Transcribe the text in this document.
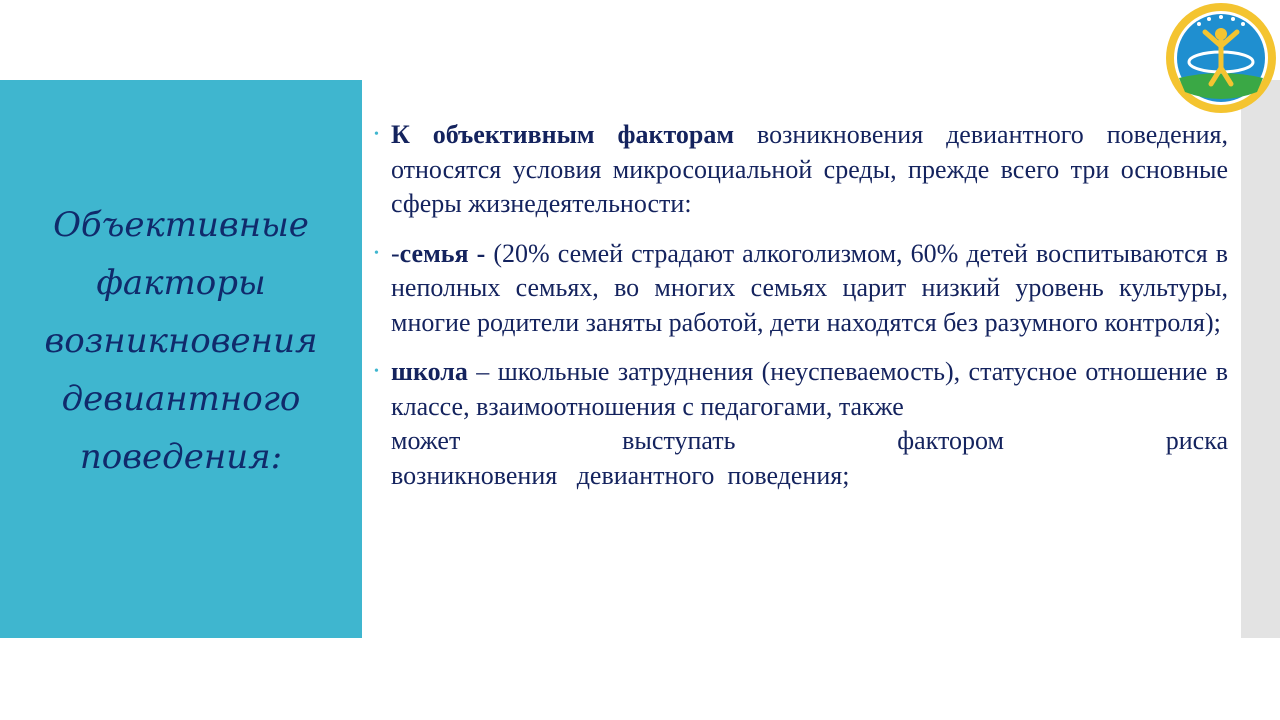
Объективные факторы возникновения девиантного поведения:

• К объективным факторам возникновения девиантного поведения, относятся условия микросоциальной среды, прежде всего три основные сферы жизнедеятельности:

• -семья - (20% семей страдают алкоголизмом, 60% детей воспитываются в неполных семьях, во многих семьях царит низкий уровень культуры, многие родители заняты работой, дети находятся без разумного контроля);

• школа – школьные затруднения (неуспеваемость), статусное отношение в классе, взаимоотношения с педагогами, также
может	выступать	фактором	риска
возникновения   девиантного  поведения;
